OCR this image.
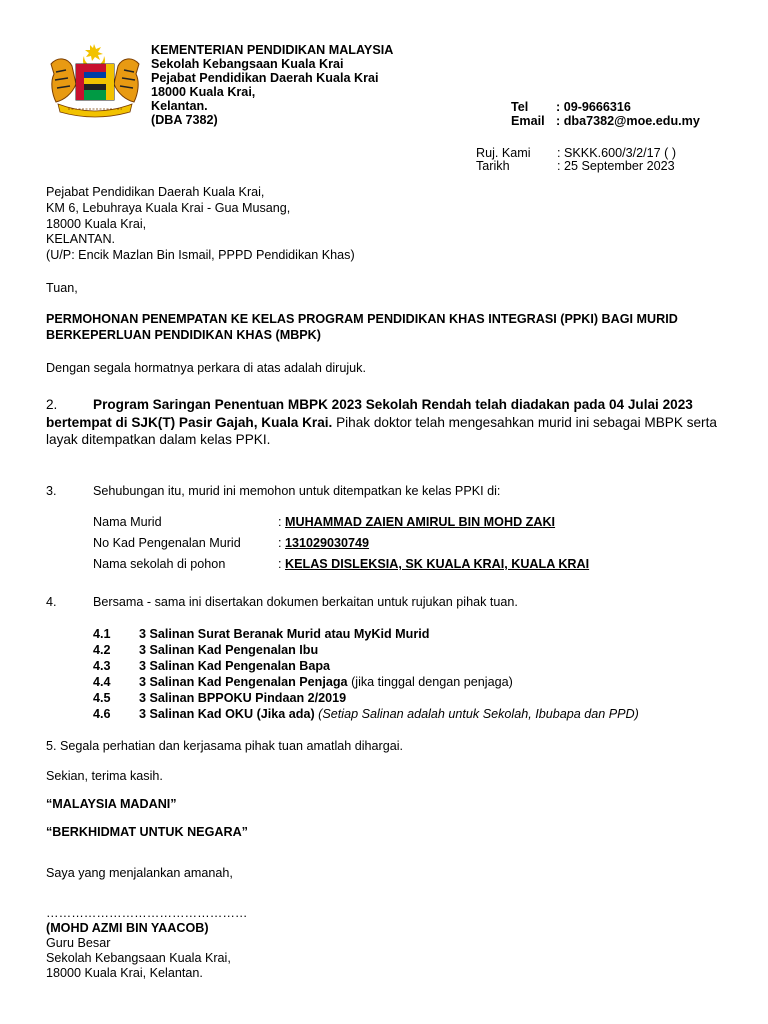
KEMENTERIAN PENDIDIKAN MALAYSIA
Sekolah Kebangsaan Kuala Krai
Pejabat Pendidikan Daerah Kuala Krai
18000 Kuala Krai,
Kelantan.
(DBA 7382)
Tel : 09-9666316
Email : dba7382@moe.edu.my
Ruj. Kami : SKKK.600/3/2/17 ( )
Tarikh	: 25 September 2023
Pejabat Pendidikan Daerah Kuala Krai,
KM 6, Lebuhraya Kuala Krai - Gua Musang,
18000 Kuala Krai,
KELANTAN.
(U/P: Encik Mazlan Bin Ismail, PPPD Pendidikan Khas)
Tuan,
PERMOHONAN PENEMPATAN KE KELAS PROGRAM PENDIDIKAN KHAS INTEGRASI (PPKI) BAGI MURID BERKEPERLUAN PENDIDIKAN KHAS (MBPK)
Dengan segala hormatnya perkara di atas adalah dirujuk.
2.	Program Saringan Penentuan MBPK 2023 Sekolah Rendah telah diadakan pada 04 Julai 2023 bertempat di SJK(T) Pasir Gajah, Kuala Krai. Pihak doktor telah mengesahkan murid ini sebagai MBPK serta layak ditempatkan dalam kelas PPKI.
3.	Sehubungan itu, murid ini memohon untuk ditempatkan ke kelas PPKI di:
Nama Murid	: MUHAMMAD ZAIEN AMIRUL BIN MOHD ZAKI
No Kad Pengenalan Murid	: 131029030749
Nama sekolah di pohon	: KELAS DISLEKSIA, SK KUALA KRAI, KUALA KRAI
4.	Bersama - sama ini disertakan dokumen berkaitan untuk rujukan pihak tuan.
4.1 3 Salinan Surat Beranak Murid atau MyKid Murid
4.2 3 Salinan Kad Pengenalan Ibu
4.3 3 Salinan Kad Pengenalan Bapa
4.4 3 Salinan Kad Pengenalan Penjaga (jika tinggal dengan penjaga)
4.5 3 Salinan BPPOKU Pindaan 2/2019
4.6 3 Salinan Kad OKU (Jika ada) (Setiap Salinan adalah untuk Sekolah, Ibubapa dan PPD)
5. Segala perhatian dan kerjasama pihak tuan amatlah dihargai.
Sekian, terima kasih.
“MALAYSIA MADANI”
“BERKHIDMAT UNTUK NEGARA”
Saya yang menjalankan amanah,
…………………………………………
(MOHD AZMI BIN YAACOB)
Guru Besar
Sekolah Kebangsaan Kuala Krai,
18000 Kuala Krai, Kelantan.
